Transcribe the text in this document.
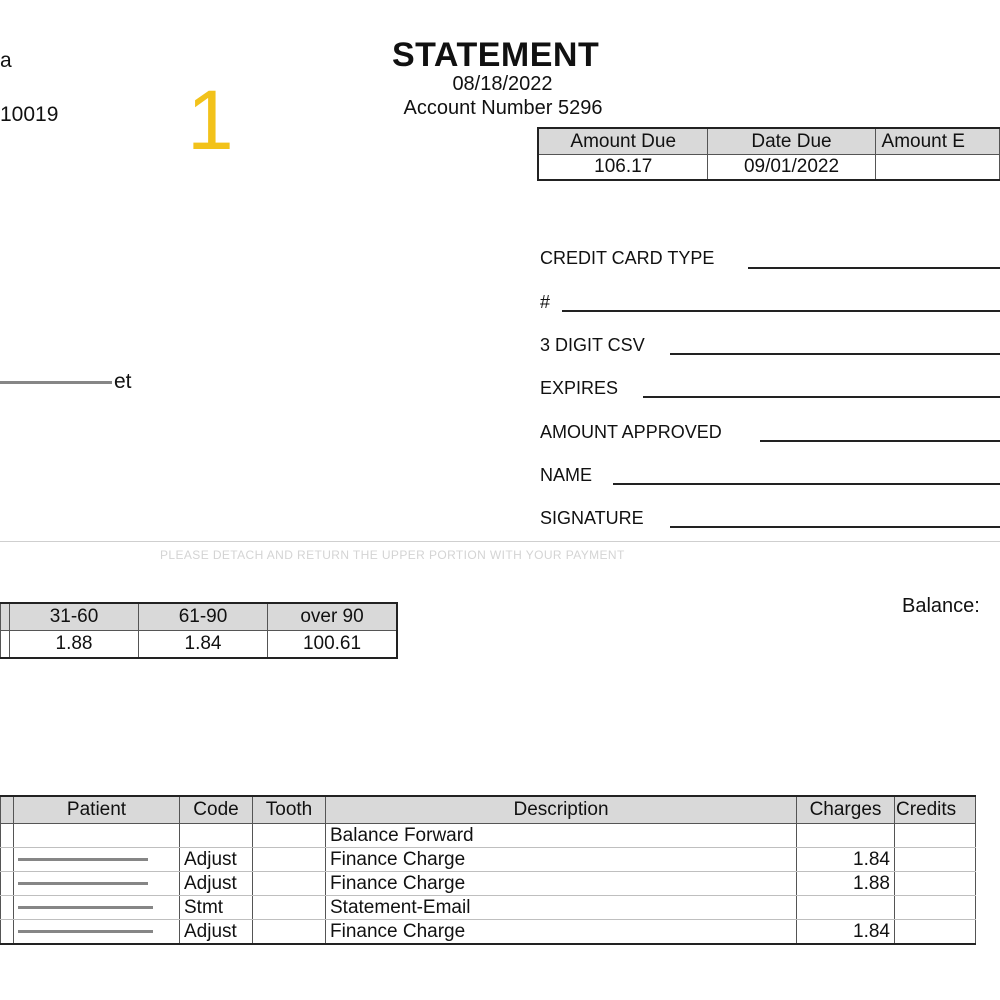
a
10019
et
1
STATEMENT
08/18/2022
Account Number 5296
Amount Due	Date Due	Amount E
106.17	09/01/2022	
CREDIT CARD TYPE
#
3 DIGIT CSV
EXPIRES
AMOUNT APPROVED
NAME
SIGNATURE
PLEASE DETACH AND RETURN THE UPPER PORTION WITH YOUR PAYMENT
	31-60	61-90	over 90
	1.88	1.84	100.61
Balance:
	Patient	Code	Tooth	Description	Charges	Credits
				Balance Forward		
		Adjust		Finance Charge	1.84	
		Adjust		Finance Charge	1.88	
		Stmt		Statement-Email		
		Adjust		Finance Charge	1.84	
